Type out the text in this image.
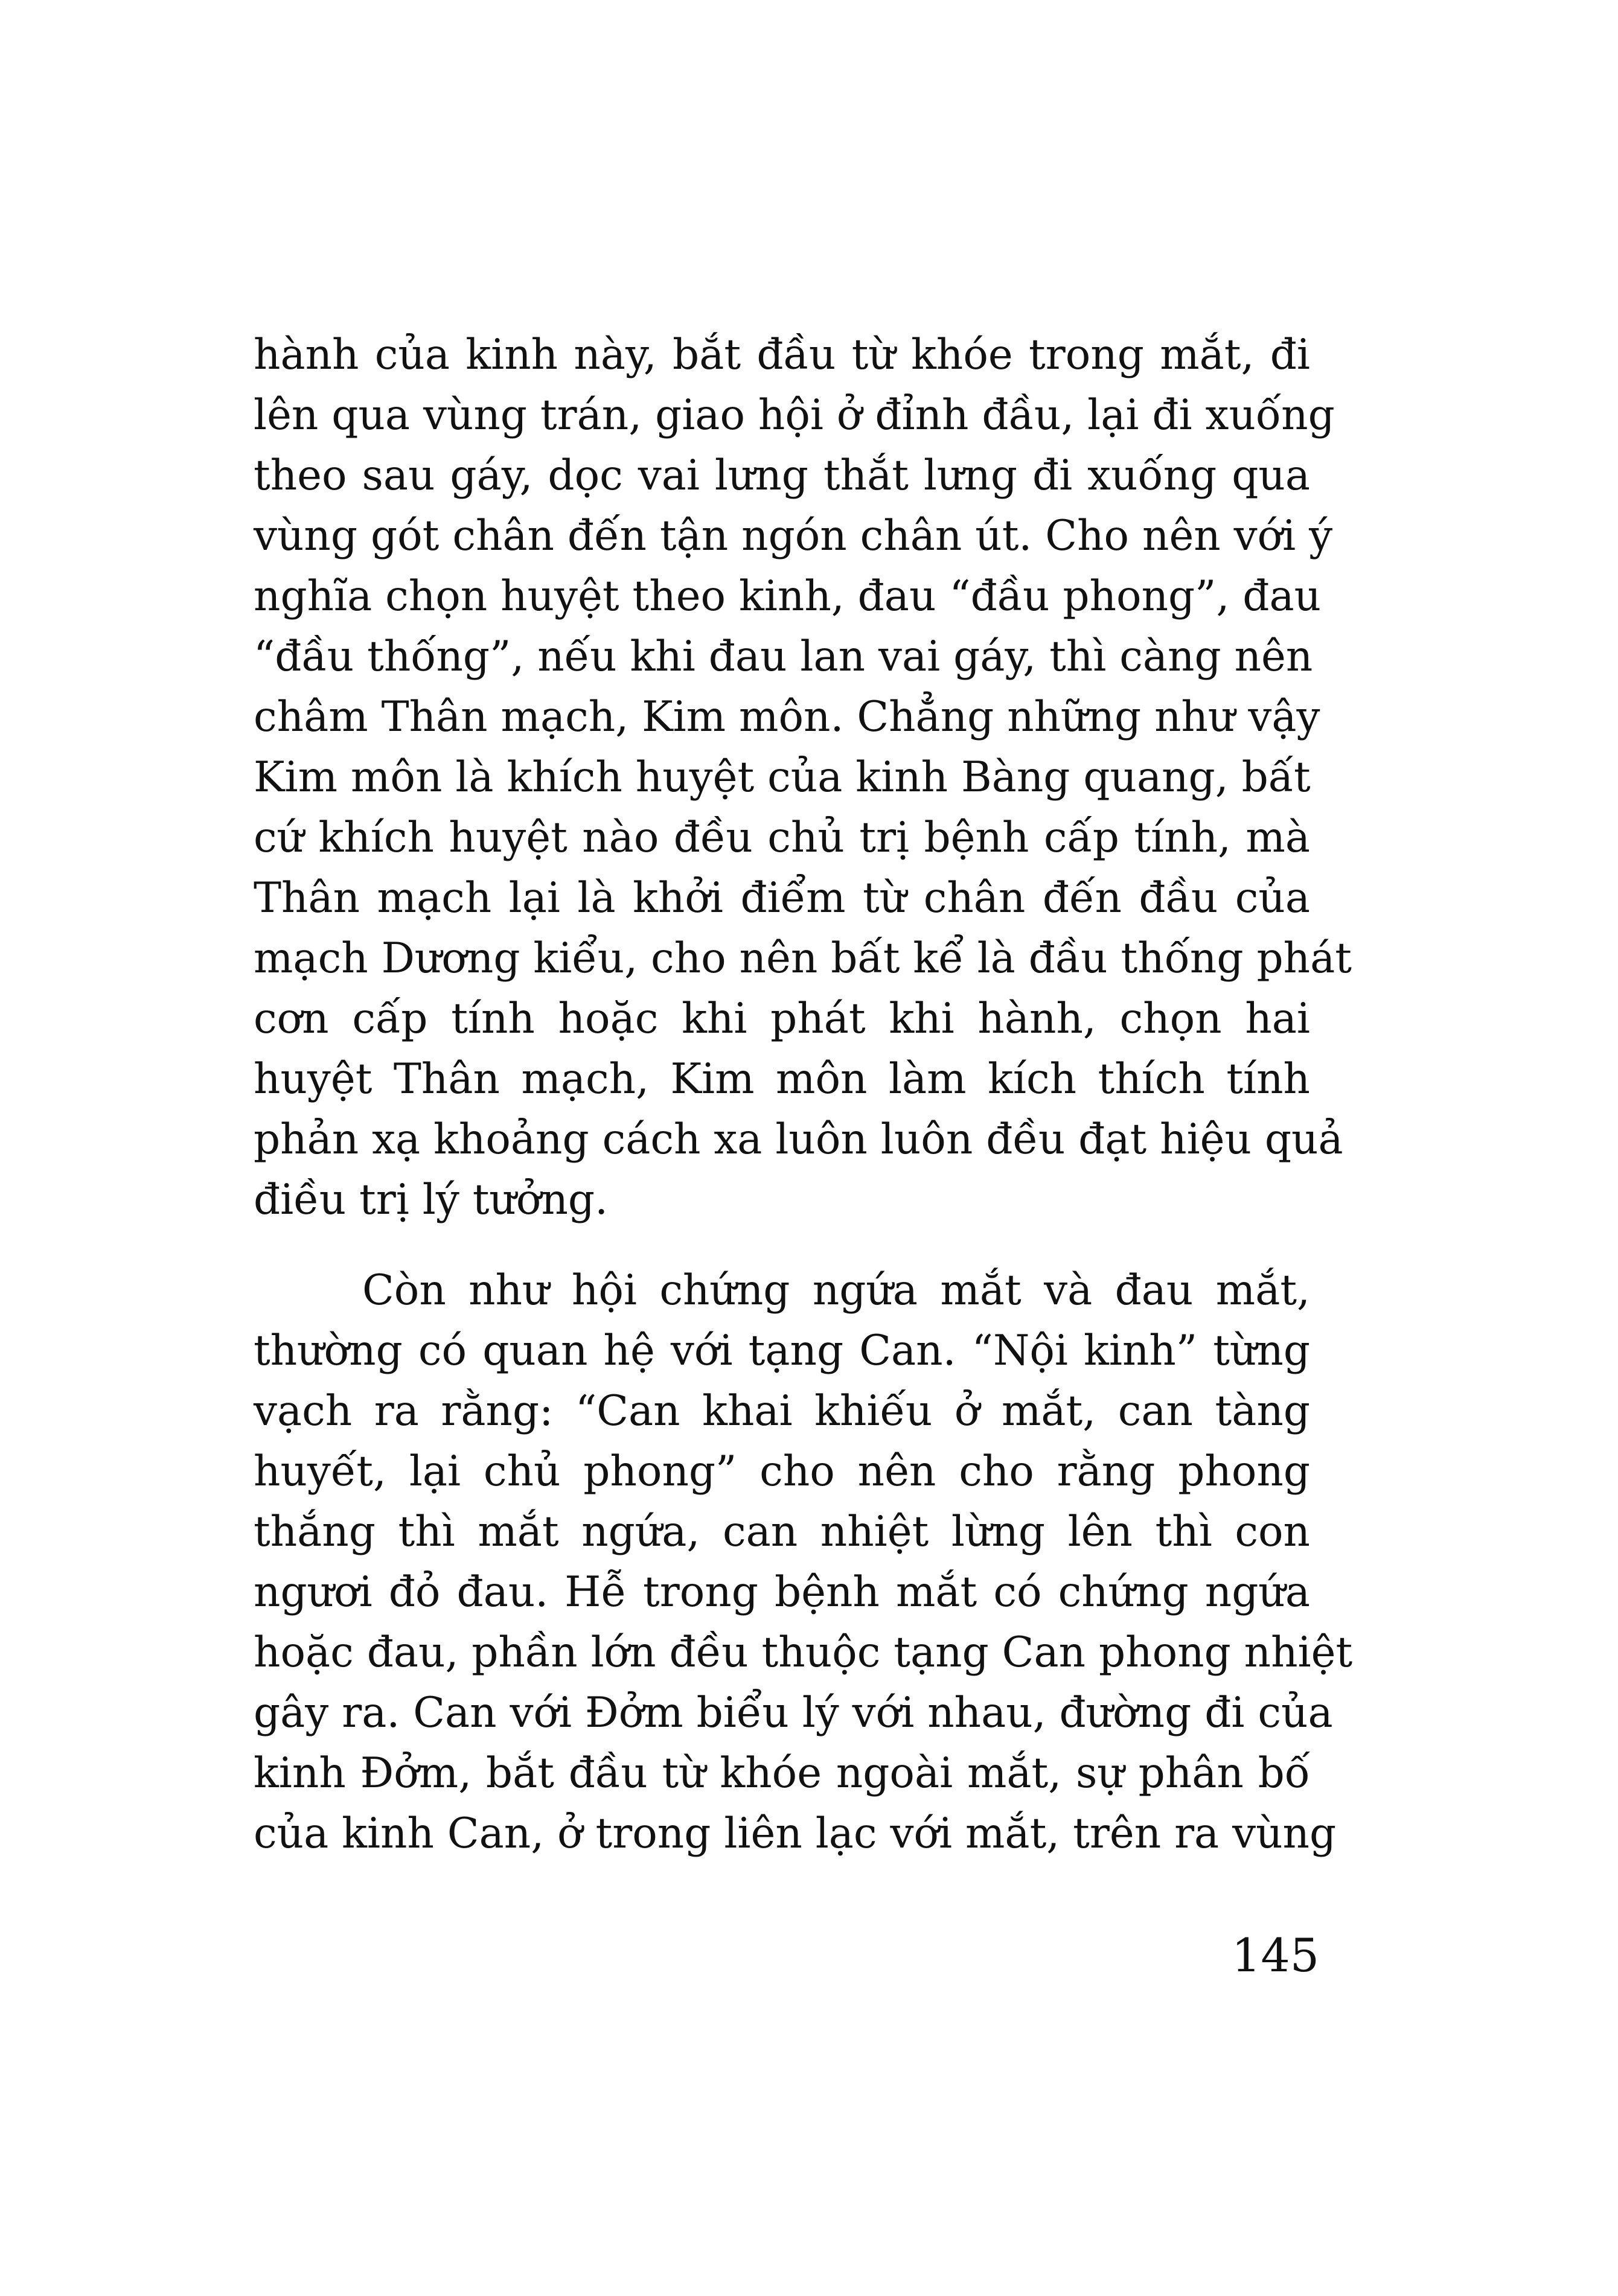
hành của kinh này, bắt đầu từ khóe trong mắt, đi
lên qua vùng trán, giao hội ở đỉnh đầu, lại đi xuống
theo sau gáy, dọc vai lưng thắt lưng đi xuống qua
vùng gót chân đến tận ngón chân út. Cho nên với ý
nghĩa chọn huyệt theo kinh, đau “đầu phong”, đau
“đầu thống”, nếu khi đau lan vai gáy, thì càng nên
châm Thân mạch, Kim môn. Chẳng những như vậy
Kim môn là khích huyệt của kinh Bàng quang, bất
cứ khích huyệt nào đều chủ trị bệnh cấp tính, mà
Thân mạch lại là khởi điểm từ chân đến đầu của
mạch Dương kiểu, cho nên bất kể là đầu thống phát
cơn cấp tính hoặc khi phát khi hành, chọn hai
huyệt Thân mạch, Kim môn làm kích thích tính
phản xạ khoảng cách xa luôn luôn đều đạt hiệu quả
điều trị lý tưởng.
Còn như hội chứng ngứa mắt và đau mắt,
thường có quan hệ với tạng Can. “Nội kinh” từng
vạch ra rằng: “Can khai khiếu ở mắt, can tàng
huyết, lại chủ phong” cho nên cho rằng phong
thắng thì mắt ngứa, can nhiệt lừng lên thì con
ngươi đỏ đau. Hễ trong bệnh mắt có chứng ngứa
hoặc đau, phần lớn đều thuộc tạng Can phong nhiệt
gây ra. Can với Đởm biểu lý với nhau, đường đi của
kinh Đởm, bắt đầu từ khóe ngoài mắt, sự phân bố
của kinh Can, ở trong liên lạc với mắt, trên ra vùng
145
